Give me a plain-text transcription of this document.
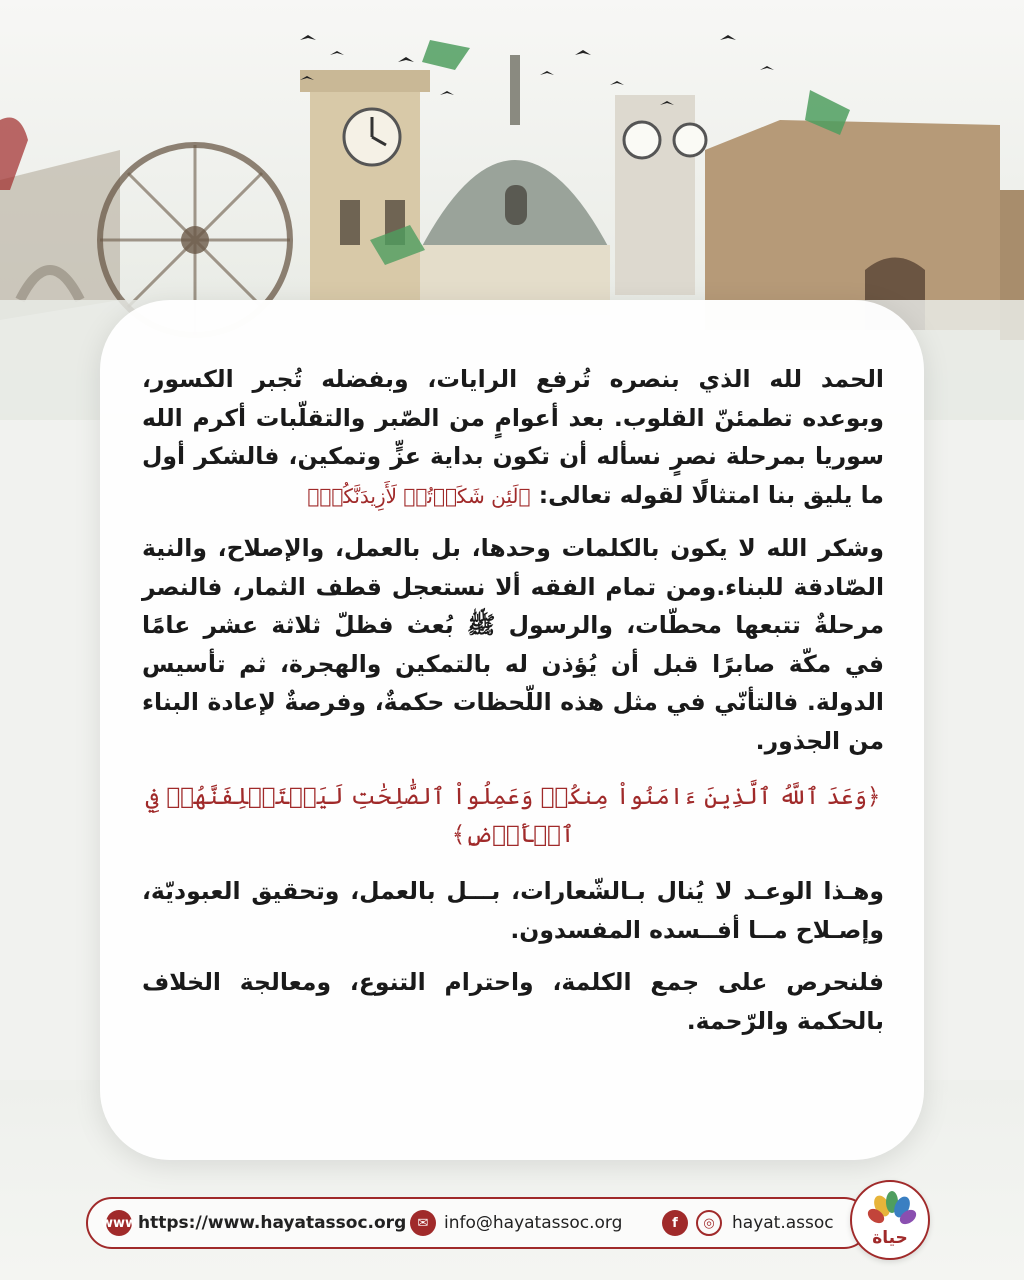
الحمد لله الذي بنصره تُرفع الرايات، وبفضله تُجبر الكسور، وبوعده تطمئنّ القلوب. بعد أعوامٍ من الصّبر والتقلّبات أكرم الله سوريا بمرحلة نصرٍ نسأله أن تكون بداية عزٍّ وتمكين، فالشكر أول ما يليق بنا امتثالًا لقوله تعالى: ﴿لَئِن شَكَرۡتُمۡ لَأَزِيدَنَّكُمۡ﴾

وشكر الله لا يكون بالكلمات وحدها، بل بالعمل، والإصلاح، والنية الصّادقة للبناء.ومن تمام الفقه ألا نستعجل قطف الثمار، فالنصر مرحلةٌ تتبعها محطّات، والرسول ﷺ بُعث فظلّ ثلاثة عشر عامًا في مكّة صابرًا قبل أن يُؤذن له بالتمكين والهجرة، ثم تأسيس الدولة. فالتأنّي في مثل هذه اللّحظات حكمةٌ، وفرصةٌ لإعادة البناء من الجذور.

﴿وَعَدَ ٱللَّهُ ٱلَّذِينَ ءَامَنُواْ مِنكُمۡ وَعَمِلُواْ ٱلصَّٰلِحَٰتِ لَيَسۡتَخۡلِفَنَّهُمۡ فِي ٱلۡأَرۡضِ﴾

وهـذا الوعـد لا يُنال بـالشّعارات، بـــل بالعمل، وتحقيق العبوديّة، وإصـلاح مــا أفــسده المفسدون.

فلنحرص على جمع الكلمة، واحترام التنوع، ومعالجة الخلاف بالحكمة والرّحمة.

www https://www.hayatassoc.org ✉ info@hayatassoc.org	f	◎	hayat.assoc
حياة
